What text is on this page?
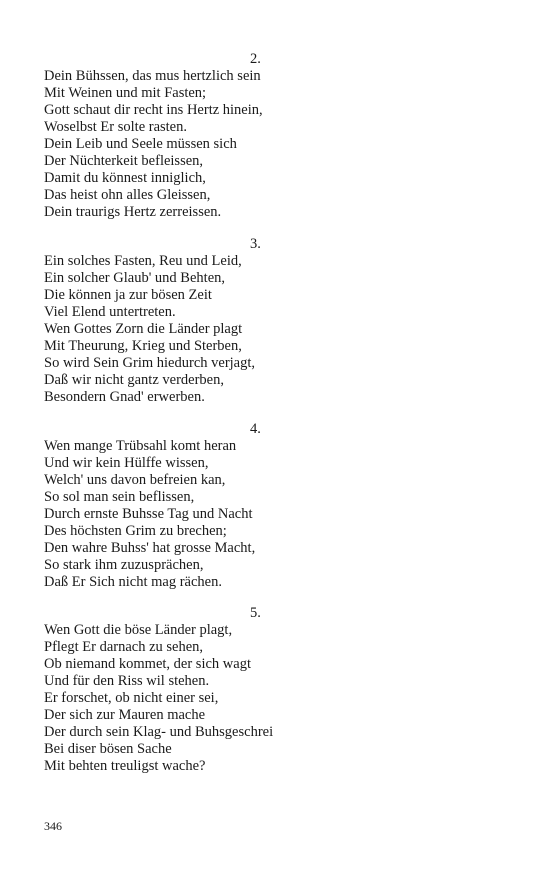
2.

Dein Bühssen, das mus hertzlich sein

Mit Weinen und mit Fasten;

Gott schaut dir recht ins Hertz hinein,

Woselbst Er solte rasten.

Dein Leib und Seele müssen sich

Der Nüchterkeit befleissen,

Damit du könnest inniglich,

Das heist ohn alles Gleissen,

Dein traurigs Hertz zerreissen.

3.

Ein solches Fasten, Reu und Leid,

Ein solcher Glaub' und Behten,

Die können ja zur bösen Zeit

Viel Elend untertreten.

Wen Gottes Zorn die Länder plagt

Mit Theurung, Krieg und Sterben,

So wird Sein Grim hiedurch verjagt,

Daß wir nicht gantz verderben,

Besondern Gnad' erwerben.

4.

Wen mange Trübsahl komt heran

Und wir kein Hülffe wissen,

Welch' uns davon befreien kan,

So sol man sein beflissen,

Durch ernste Buhsse Tag und Nacht

Des höchsten Grim zu brechen;

Den wahre Buhss' hat grosse Macht,

So stark ihm zuzusprächen,

Daß Er Sich nicht mag rächen.

5.

Wen Gott die böse Länder plagt,

Pflegt Er darnach zu sehen,

Ob niemand kommet, der sich wagt

Und für den Riss wil stehen.

Er forschet, ob nicht einer sei,

Der sich zur Mauren mache

Der durch sein Klag- und Buhsgeschrei

Bei diser bösen Sache

Mit behten treuligst wache?

346
